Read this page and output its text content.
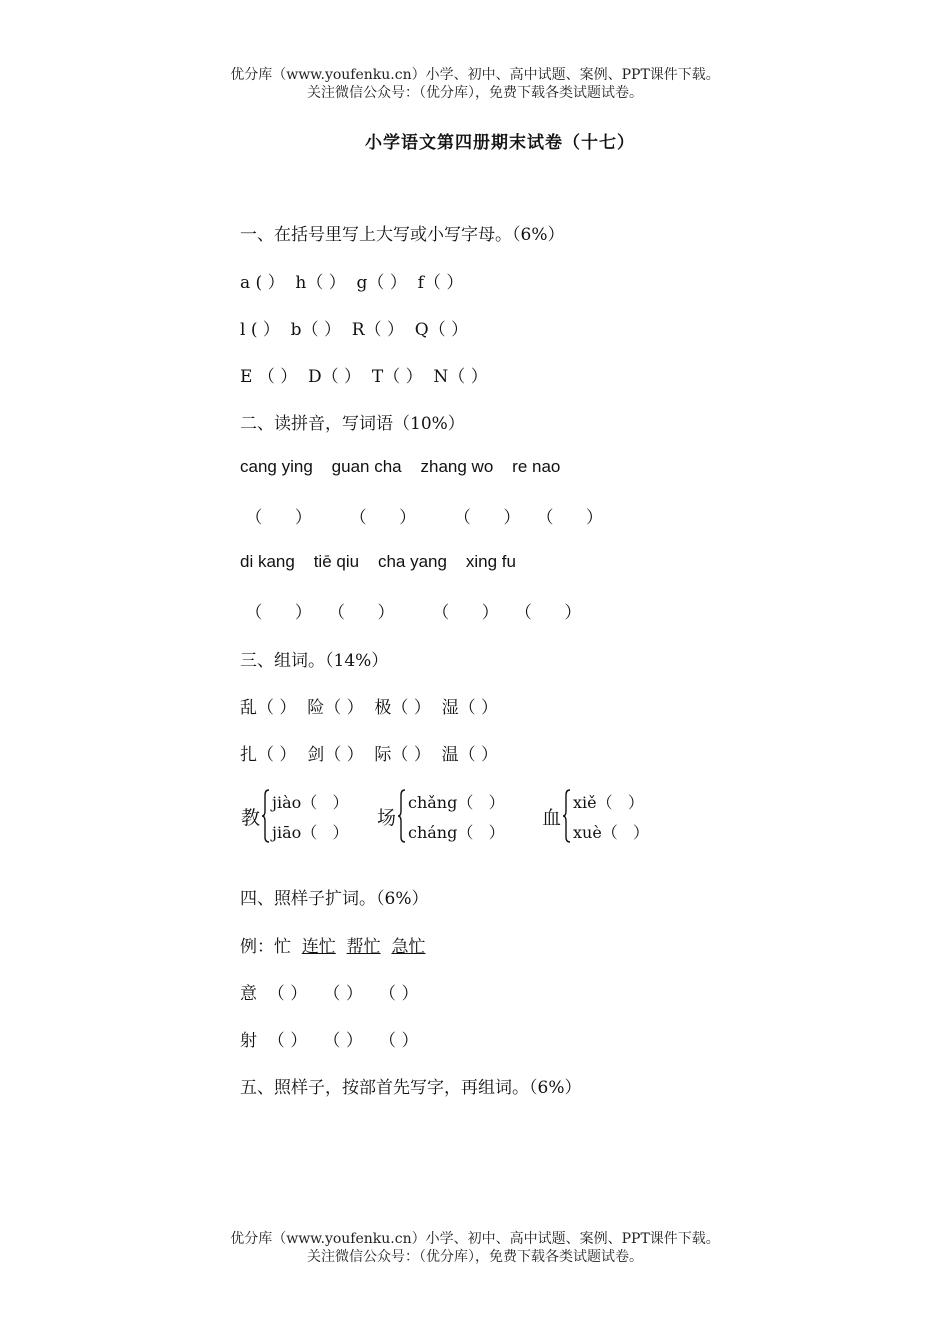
优分库（www.youfenku.cn）小学、初中、高中试题、案例、PPT课件下载。
关注微信公众号：（优分库），免费下载各类试题试卷。
小学语文第四册期末试卷（十七）
一、在括号里写上大写或小写字母。（6%）
a ( ）  h（ ）  g（ ）  f（ ）
l ( ）  b（ ）  R（ ）  Q（ ）
E （ ）  D（ ）  T（ ）  N（ ）
二、读拼音，写词语（10%）
cang ying    guan cha    zhang wo    re nao
（      ）       （      ）       （      ）   （      ）
di kang    tiē qiu    cha yang    xing fu
（      ）   （      ）       （      ）   （      ）
三、组词。（14%）
乱（ ）  险（ ）  极（ ）  湿（ ）
扎（ ）  剑（ ）  际（ ）  温（ ）
教
jiào（   ）
jiāo（   ）
场
chǎng（   ）
cháng（   ）
血
xiě（   ）
xuè（   ）
四、照样子扩词。（6%）
例：忙 连忙 帮忙 急忙
意  （ ）   （ ）   （ ）
射  （ ）   （ ）   （ ）
五、照样子，按部首先写字，再组词。（6%）
优分库（www.youfenku.cn）小学、初中、高中试题、案例、PPT课件下载。
关注微信公众号：（优分库），免费下载各类试题试卷。
